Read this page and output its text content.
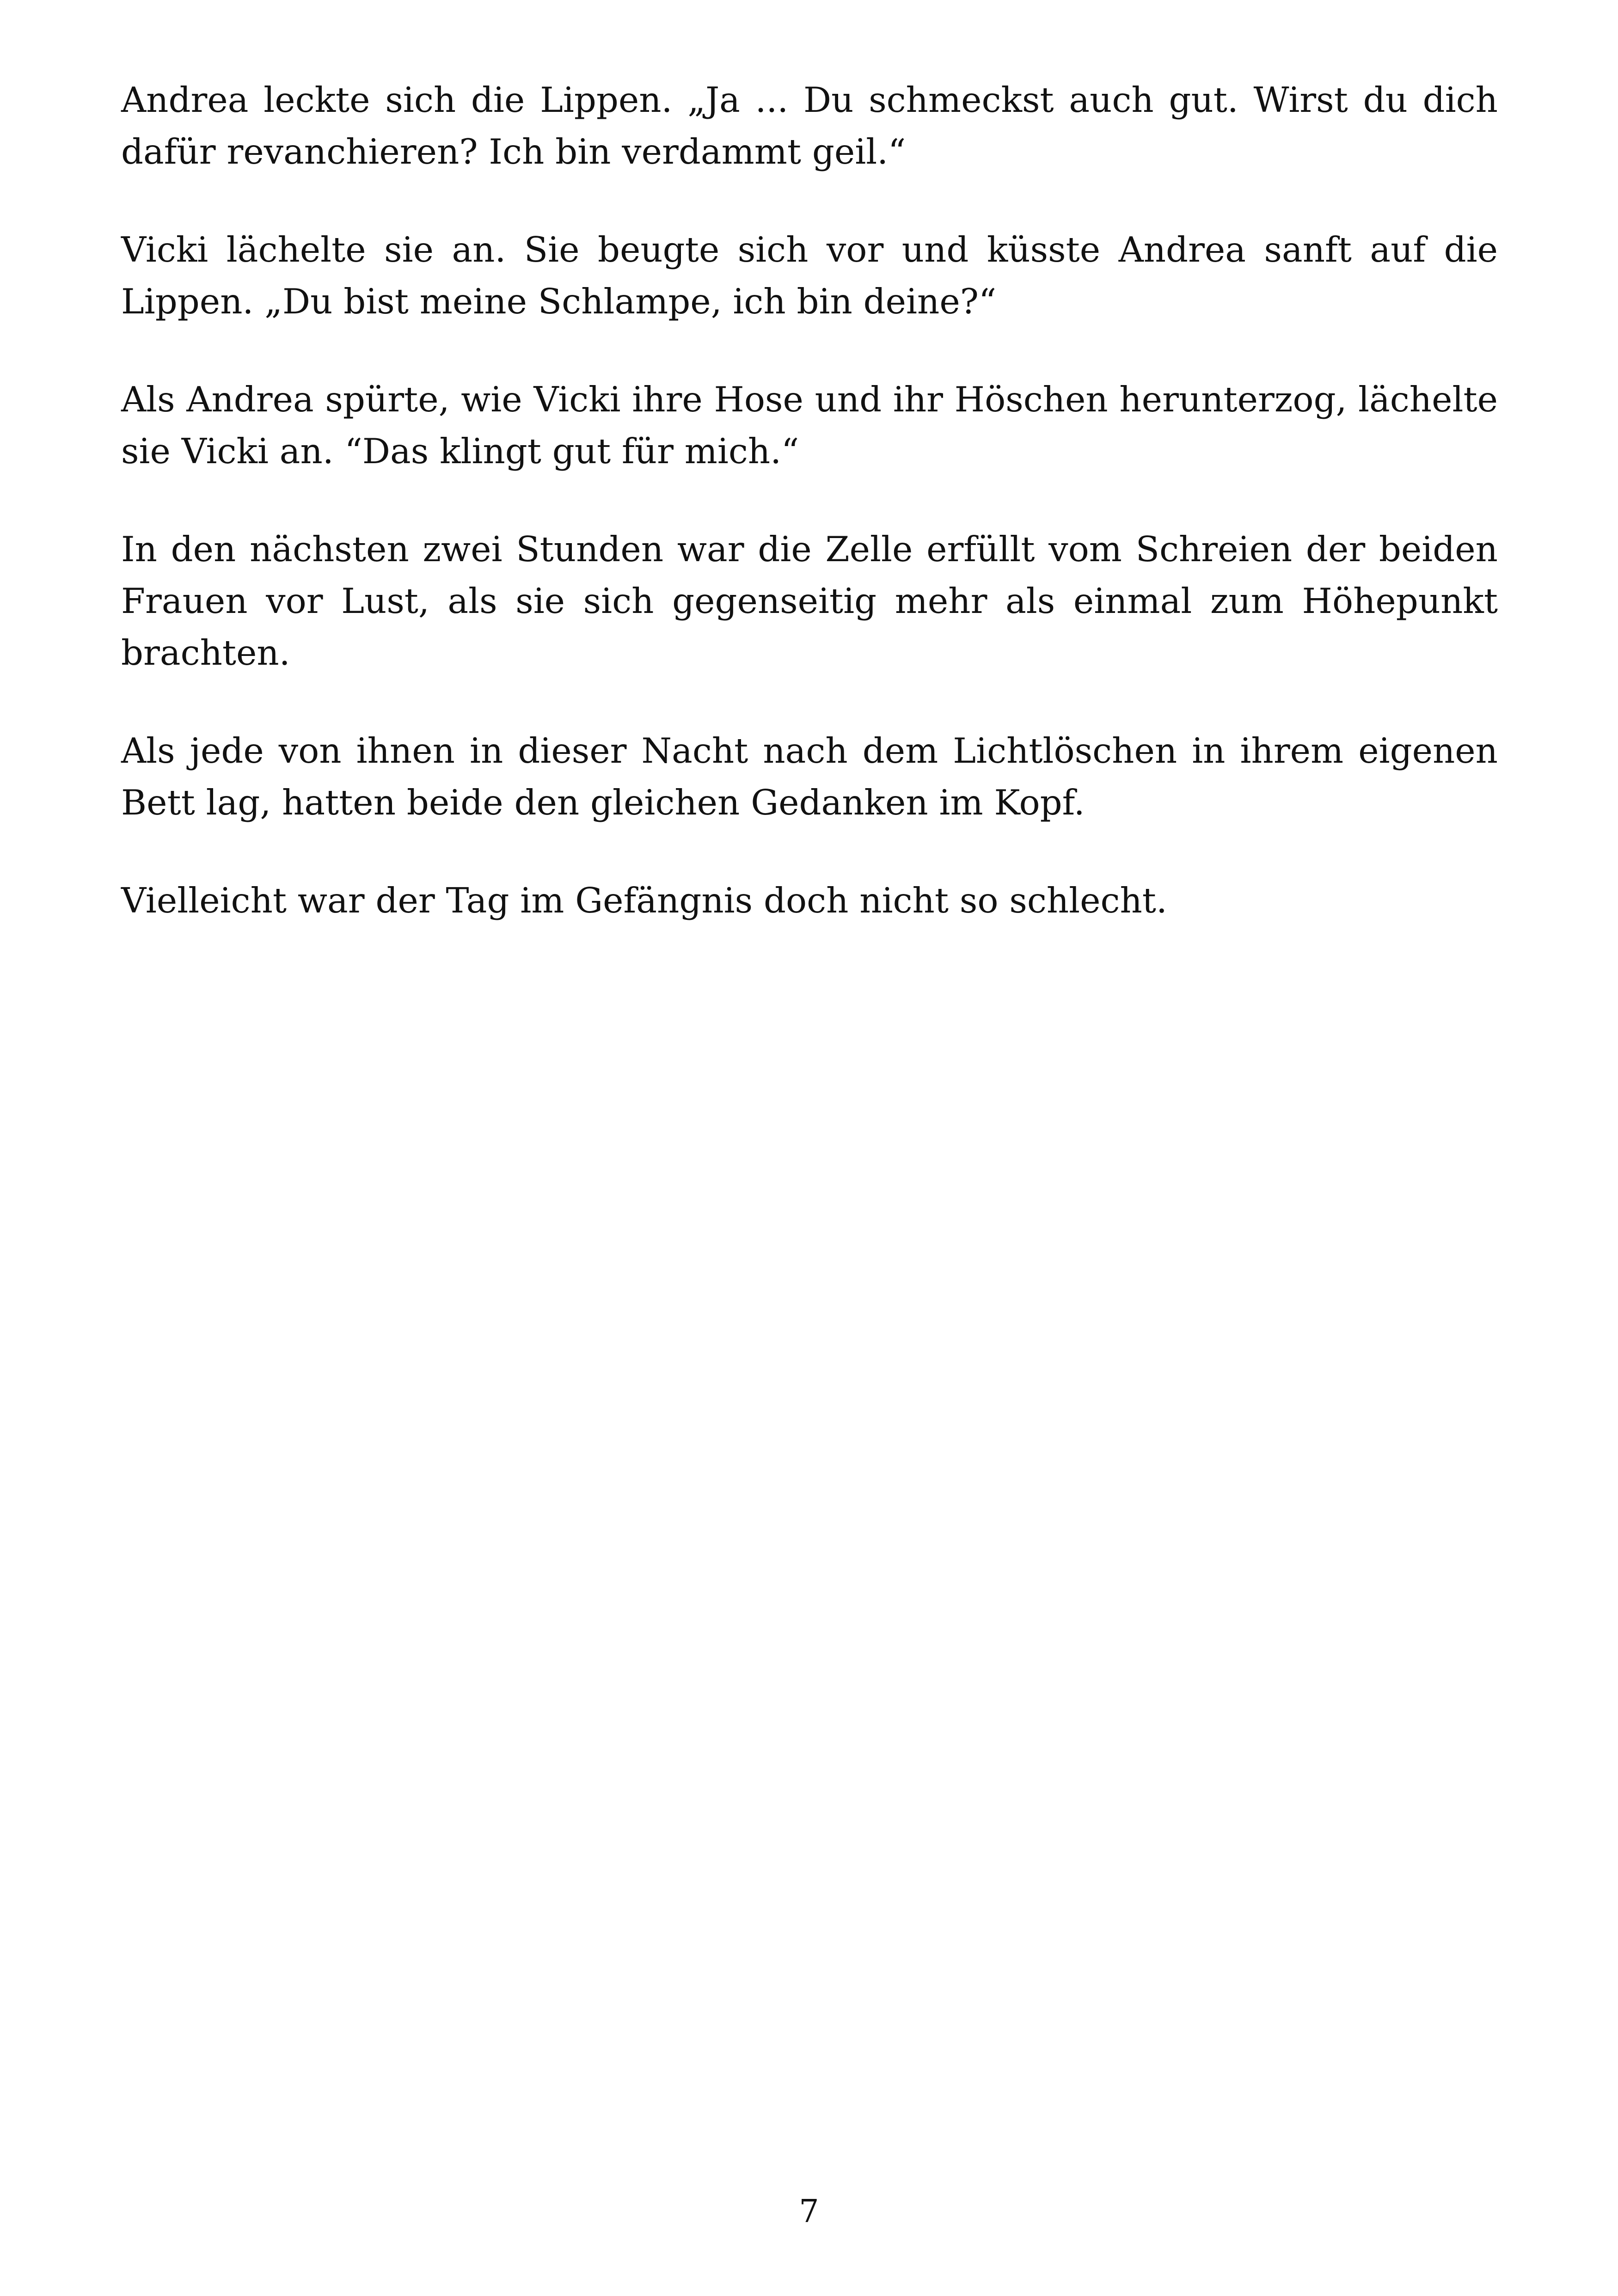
Andrea leckte sich die Lippen. „Ja ... Du schmeckst auch gut. Wirst du dich dafür revanchieren? Ich bin verdammt geil.“

Vicki lächelte sie an. Sie beugte sich vor und küsste Andrea sanft auf die Lippen. „Du bist meine Schlampe, ich bin deine?“

Als Andrea spürte, wie Vicki ihre Hose und ihr Höschen herunterzog, lächelte sie Vicki an. “Das klingt gut für mich.“

In den nächsten zwei Stunden war die Zelle erfüllt vom Schreien der beiden Frauen vor Lust, als sie sich gegenseitig mehr als einmal zum Höhepunkt brachten.

Als jede von ihnen in dieser Nacht nach dem Lichtlöschen in ihrem eigenen Bett lag, hatten beide den gleichen Gedanken im Kopf.

Vielleicht war der Tag im Gefängnis doch nicht so schlecht.

7
